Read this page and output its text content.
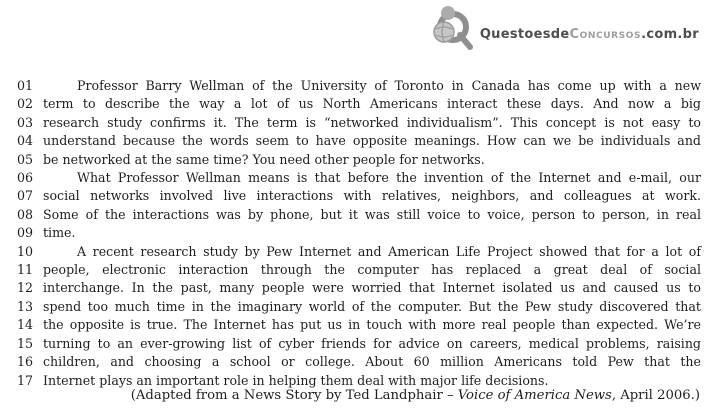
QuestoesdeConcursos.com.br
01	Professor Barry Wellman of the University of Toronto in Canada has come up with a new
02 term to describe the way a lot of us North Americans interact these days. And now a big
03 research study confirms it. The term is “networked individualism”. This concept is not easy to
04 understand because the words seem to have opposite meanings. How can we be individuals and
05 be networked at the same time? You need other people for networks.
06	What Professor Wellman means is that before the invention of the Internet and e-mail, our
07 social networks involved live interactions with relatives, neighbors, and colleagues at work.
08 Some of the interactions was by phone, but it was still voice to voice, person to person, in real
09 time.
10	A recent research study by Pew Internet and American Life Project showed that for a lot of
11 people, electronic interaction through the computer has replaced a great deal of social
12 interchange. In the past, many people were worried that Internet isolated us and caused us to
13 spend too much time in the imaginary world of the computer. But the Pew study discovered that
14 the opposite is true. The Internet has put us in touch with more real people than expected. We’re
15 turning to an ever-growing list of cyber friends for advice on careers, medical problems, raising
16 children, and choosing a school or college. About 60 million Americans told Pew that the
17 Internet plays an important role in helping them deal with major life decisions.
(Adapted from a News Story by Ted Landphair – Voice of America News, April 2006.)
